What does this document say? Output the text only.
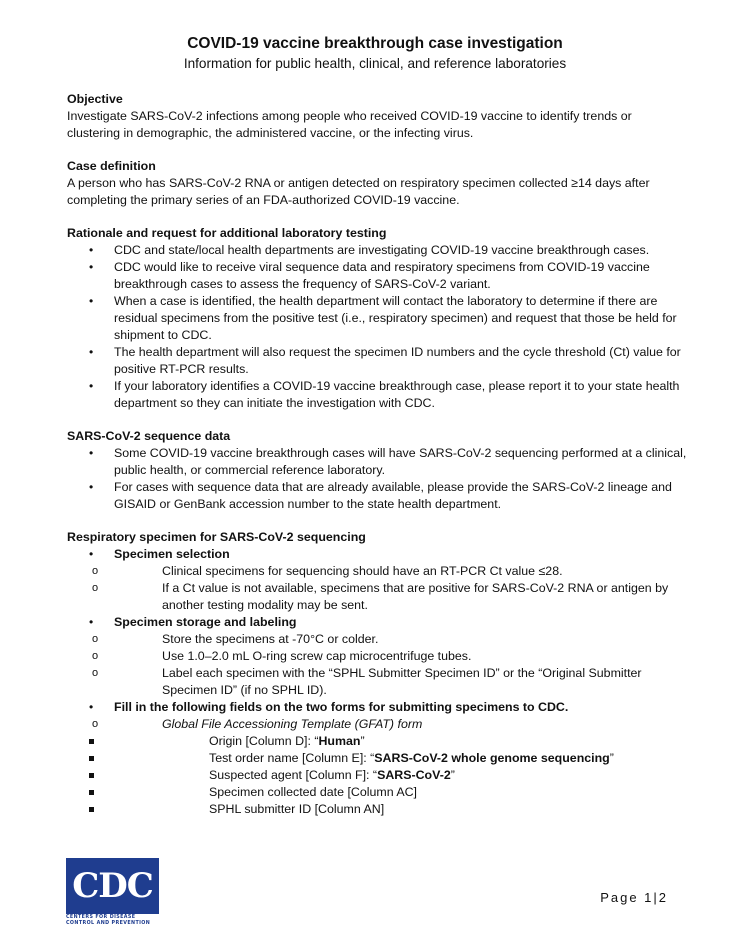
COVID-19 vaccine breakthrough case investigation
Information for public health, clinical, and reference laboratories
Objective
Investigate SARS-CoV-2 infections among people who received COVID-19 vaccine to identify trends or clustering in demographic, the administered vaccine, or the infecting virus.
Case definition
A person who has SARS-CoV-2 RNA or antigen detected on respiratory specimen collected ≥14 days after completing the primary series of an FDA-authorized COVID-19 vaccine.
Rationale and request for additional laboratory testing
• CDC and state/local health departments are investigating COVID-19 vaccine breakthrough cases.
• CDC would like to receive viral sequence data and respiratory specimens from COVID-19 vaccine breakthrough cases to assess the frequency of SARS-CoV-2 variant.
• When a case is identified, the health department will contact the laboratory to determine if there are residual specimens from the positive test (i.e., respiratory specimen) and request that those be held for shipment to CDC.
• The health department will also request the specimen ID numbers and the cycle threshold (Ct) value for positive RT-PCR results.
• If your laboratory identifies a COVID-19 vaccine breakthrough case, please report it to your state health department so they can initiate the investigation with CDC.
SARS-CoV-2 sequence data
• Some COVID-19 vaccine breakthrough cases will have SARS-CoV-2 sequencing performed at a clinical, public health, or commercial reference laboratory.
• For cases with sequence data that are already available, please provide the SARS-CoV-2 lineage and GISAID or GenBank accession number to the state health department.
Respiratory specimen for SARS-CoV-2 sequencing
• Specimen selection
o Clinical specimens for sequencing should have an RT-PCR Ct value ≤28.
o If a Ct value is not available, specimens that are positive for SARS-CoV-2 RNA or antigen by another testing modality may be sent.
• Specimen storage and labeling
o Store the specimens at -70°C or colder.
o Use 1.0–2.0 mL O-ring screw cap microcentrifuge tubes.
o Label each specimen with the “SPHL Submitter Specimen ID” or the “Original Submitter Specimen ID” (if no SPHL ID).
• Fill in the following fields on the two forms for submitting specimens to CDC.
o Global File Accessioning Template (GFAT) form
Origin [Column D]: “Human”
Test order name [Column E]: “SARS-CoV-2 whole genome sequencing”
Suspected agent [Column F]: “SARS-CoV-2”
Specimen collected date [Column AC]
SPHL submitter ID [Column AN]
CDC
CENTERS FOR DISEASE CONTROL AND PREVENTION
Page 1|2
